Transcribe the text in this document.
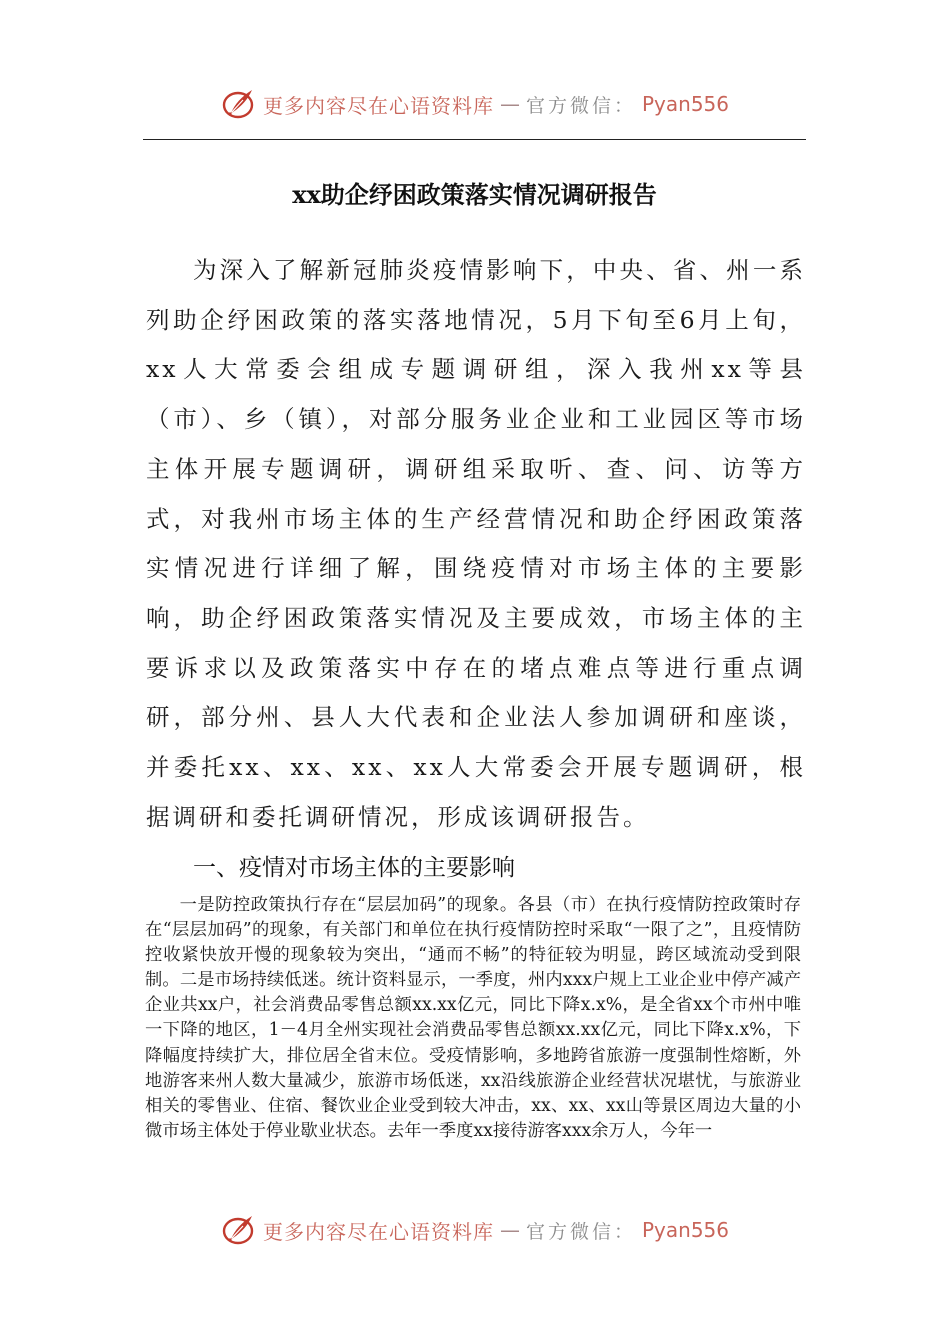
更多内容尽在心语资料库 — 官方微信： Pyan556
xx助企纾困政策落实情况调研报告

为深入了解新冠肺炎疫情影响下，中央、省、州一系列助企纾困政策的落实落地情况，5月下旬至6月上旬，xx人大常委会组成专题调研组，深入我州xx等县（市）、乡（镇），对部分服务业企业和工业园区等市场主体开展专题调研，调研组采取听、查、问、访等方式，对我州市场主体的生产经营情况和助企纾困政策落实情况进行详细了解，围绕疫情对市场主体的主要影响，助企纾困政策落实情况及主要成效，市场主体的主要诉求以及政策落实中存在的堵点难点等进行重点调研，部分州、县人大代表和企业法人参加调研和座谈，并委托xx、xx、xx、xx人大常委会开展专题调研，根据调研和委托调研情况，形成该调研报告。

一、疫情对市场主体的主要影响

一是防控政策执行存在“层层加码”的现象。各县（市）在执行疫情防控政策时存在“层层加码”的现象，有关部门和单位在执行疫情防控时采取“一限了之”，且疫情防控收紧快放开慢的现象较为突出，“通而不畅”的特征较为明显，跨区域流动受到限制。二是市场持续低迷。统计资料显示，一季度，州内xxx户规上工业企业中停产减产企业共xx户，社会消费品零售总额xx.xx亿元，同比下降x.x%，是全省xx个市州中唯一下降的地区，1－4月全州实现社会消费品零售总额xx.xx亿元，同比下降x.x%，下降幅度持续扩大，排位居全省末位。受疫情影响，多地跨省旅游一度强制性熔断，外地游客来州人数大量减少，旅游市场低迷，xx沿线旅游企业经营状况堪忧，与旅游业相关的零售业、住宿、餐饮业企业受到较大冲击，xx、xx、xx山等景区周边大量的小微市场主体处于停业歇业状态。去年一季度xx接待游客xxx余万人，今年一

更多内容尽在心语资料库 — 官方微信： Pyan556
